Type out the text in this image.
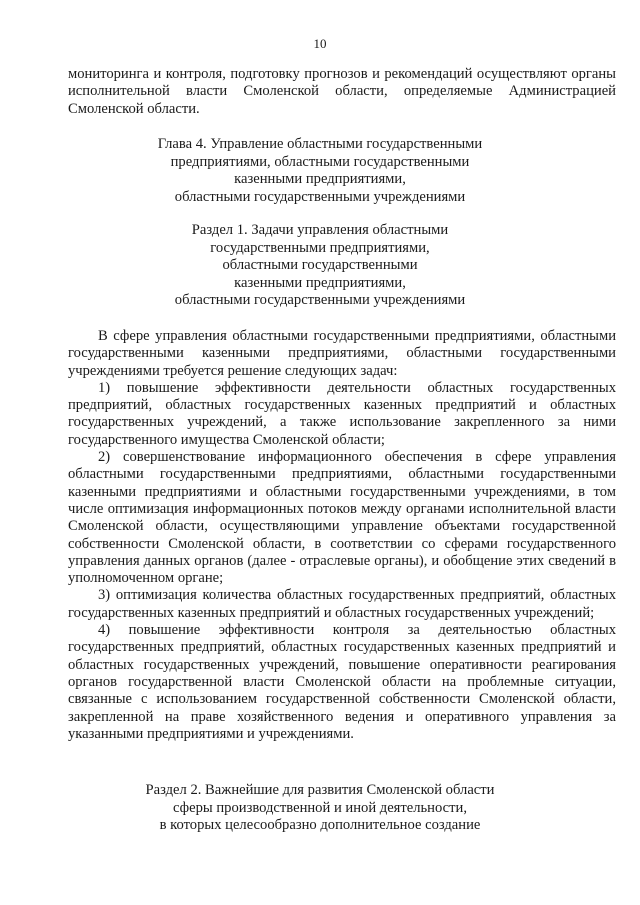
10

мониторинга и контроля, подготовку прогнозов и рекомендаций осуществляют органы исполнительной власти Смоленской области, определяемые Администрацией Смоленской области.

Глава 4. Управление областными государственными
предприятиями, областными государственными
казенными предприятиями,
областными государственными учреждениями
Раздел 1. Задачи управления областными
государственными предприятиями,
областными государственными
казенными предприятиями,
областными государственными учреждениями

В сфере управления областными государственными предприятиями, областными государственными казенными предприятиями, областными государственными учреждениями требуется решение следующих задач:

1) повышение эффективности деятельности областных государственных предприятий, областных государственных казенных предприятий и областных государственных учреждений, а также использование закрепленного за ними государственного имущества Смоленской области;

2) совершенствование информационного обеспечения в сфере управления областными государственными предприятиями, областными государственными казенными предприятиями и областными государственными учреждениями, в том числе оптимизация информационных потоков между органами исполнительной власти Смоленской области, осуществляющими управление объектами государственной собственности Смоленской области, в соответствии со сферами государственного управления данных органов (далее - отраслевые органы), и обобщение этих сведений в уполномоченном органе;

3) оптимизация количества областных государственных предприятий, областных государственных казенных предприятий и областных государственных учреждений;

4) повышение эффективности контроля за деятельностью областных государственных предприятий, областных государственных казенных предприятий и областных государственных учреждений, повышение оперативности реагирования органов государственной власти Смоленской области на проблемные ситуации, связанные с использованием государственной собственности Смоленской области, закрепленной на праве хозяйственного ведения и оперативного управления за указанными предприятиями и учреждениями.

Раздел 2. Важнейшие для развития Смоленской области
сферы производственной и иной деятельности,
в которых целесообразно дополнительное создание
